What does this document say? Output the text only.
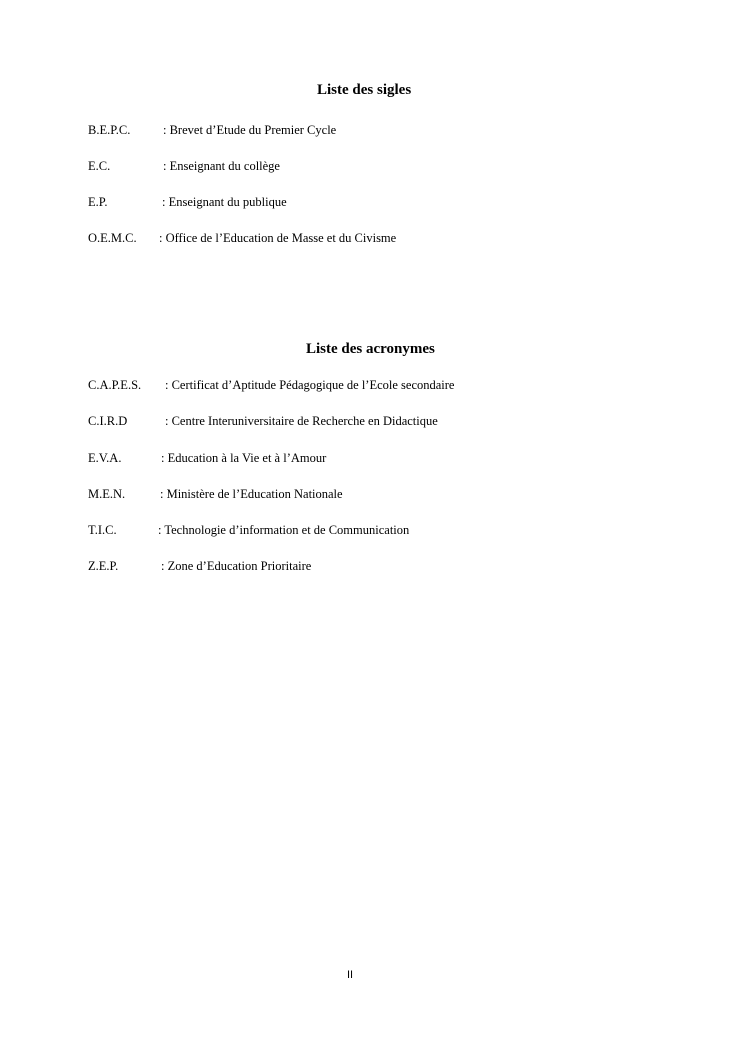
Liste des sigles
B.E.P.C.	: Brevet d’Etude du Premier Cycle
E.C.	: Enseignant du collège
E.P.	: Enseignant du publique
O.E.M.C. : Office de l’Education de Masse et du Civisme
Liste des acronymes
C.A.P.E.S. : Certificat d’Aptitude Pédagogique de l’Ecole secondaire
C.I.R.D	: Centre Interuniversitaire de Recherche en Didactique
E.V.A.	: Education à la Vie et à l’Amour
M.E.N.	: Ministère de l’Education Nationale
T.I.C.	: Technologie d’information et de Communication
Z.E.P.	: Zone d’Education Prioritaire
II
